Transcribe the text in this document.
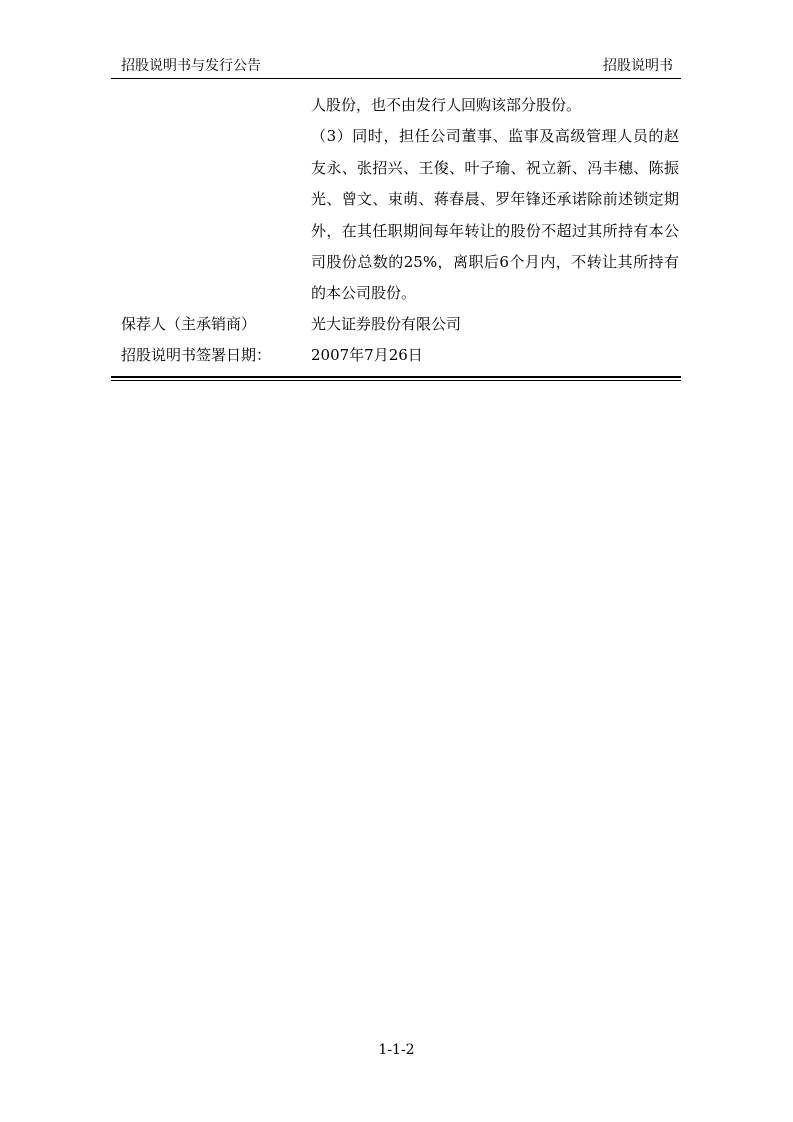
招股说明书与发行公告	招股说明书

人股份，也不由发行人回购该部分股份。

（3）同时，担任公司董事、监事及高级管理人员的赵友永、张招兴、王俊、叶子瑜、祝立新、冯丰穗、陈振光、曾文、束萌、蒋春晨、罗年锋还承诺除前述锁定期外，在其任职期间每年转让的股份不超过其所持有本公司股份总数的25%，离职后6个月内，不转让其所持有的本公司股份。

保荐人（主承销商）	光大证券股份有限公司
招股说明书签署日期：	2007年7月26日
1-1-2
